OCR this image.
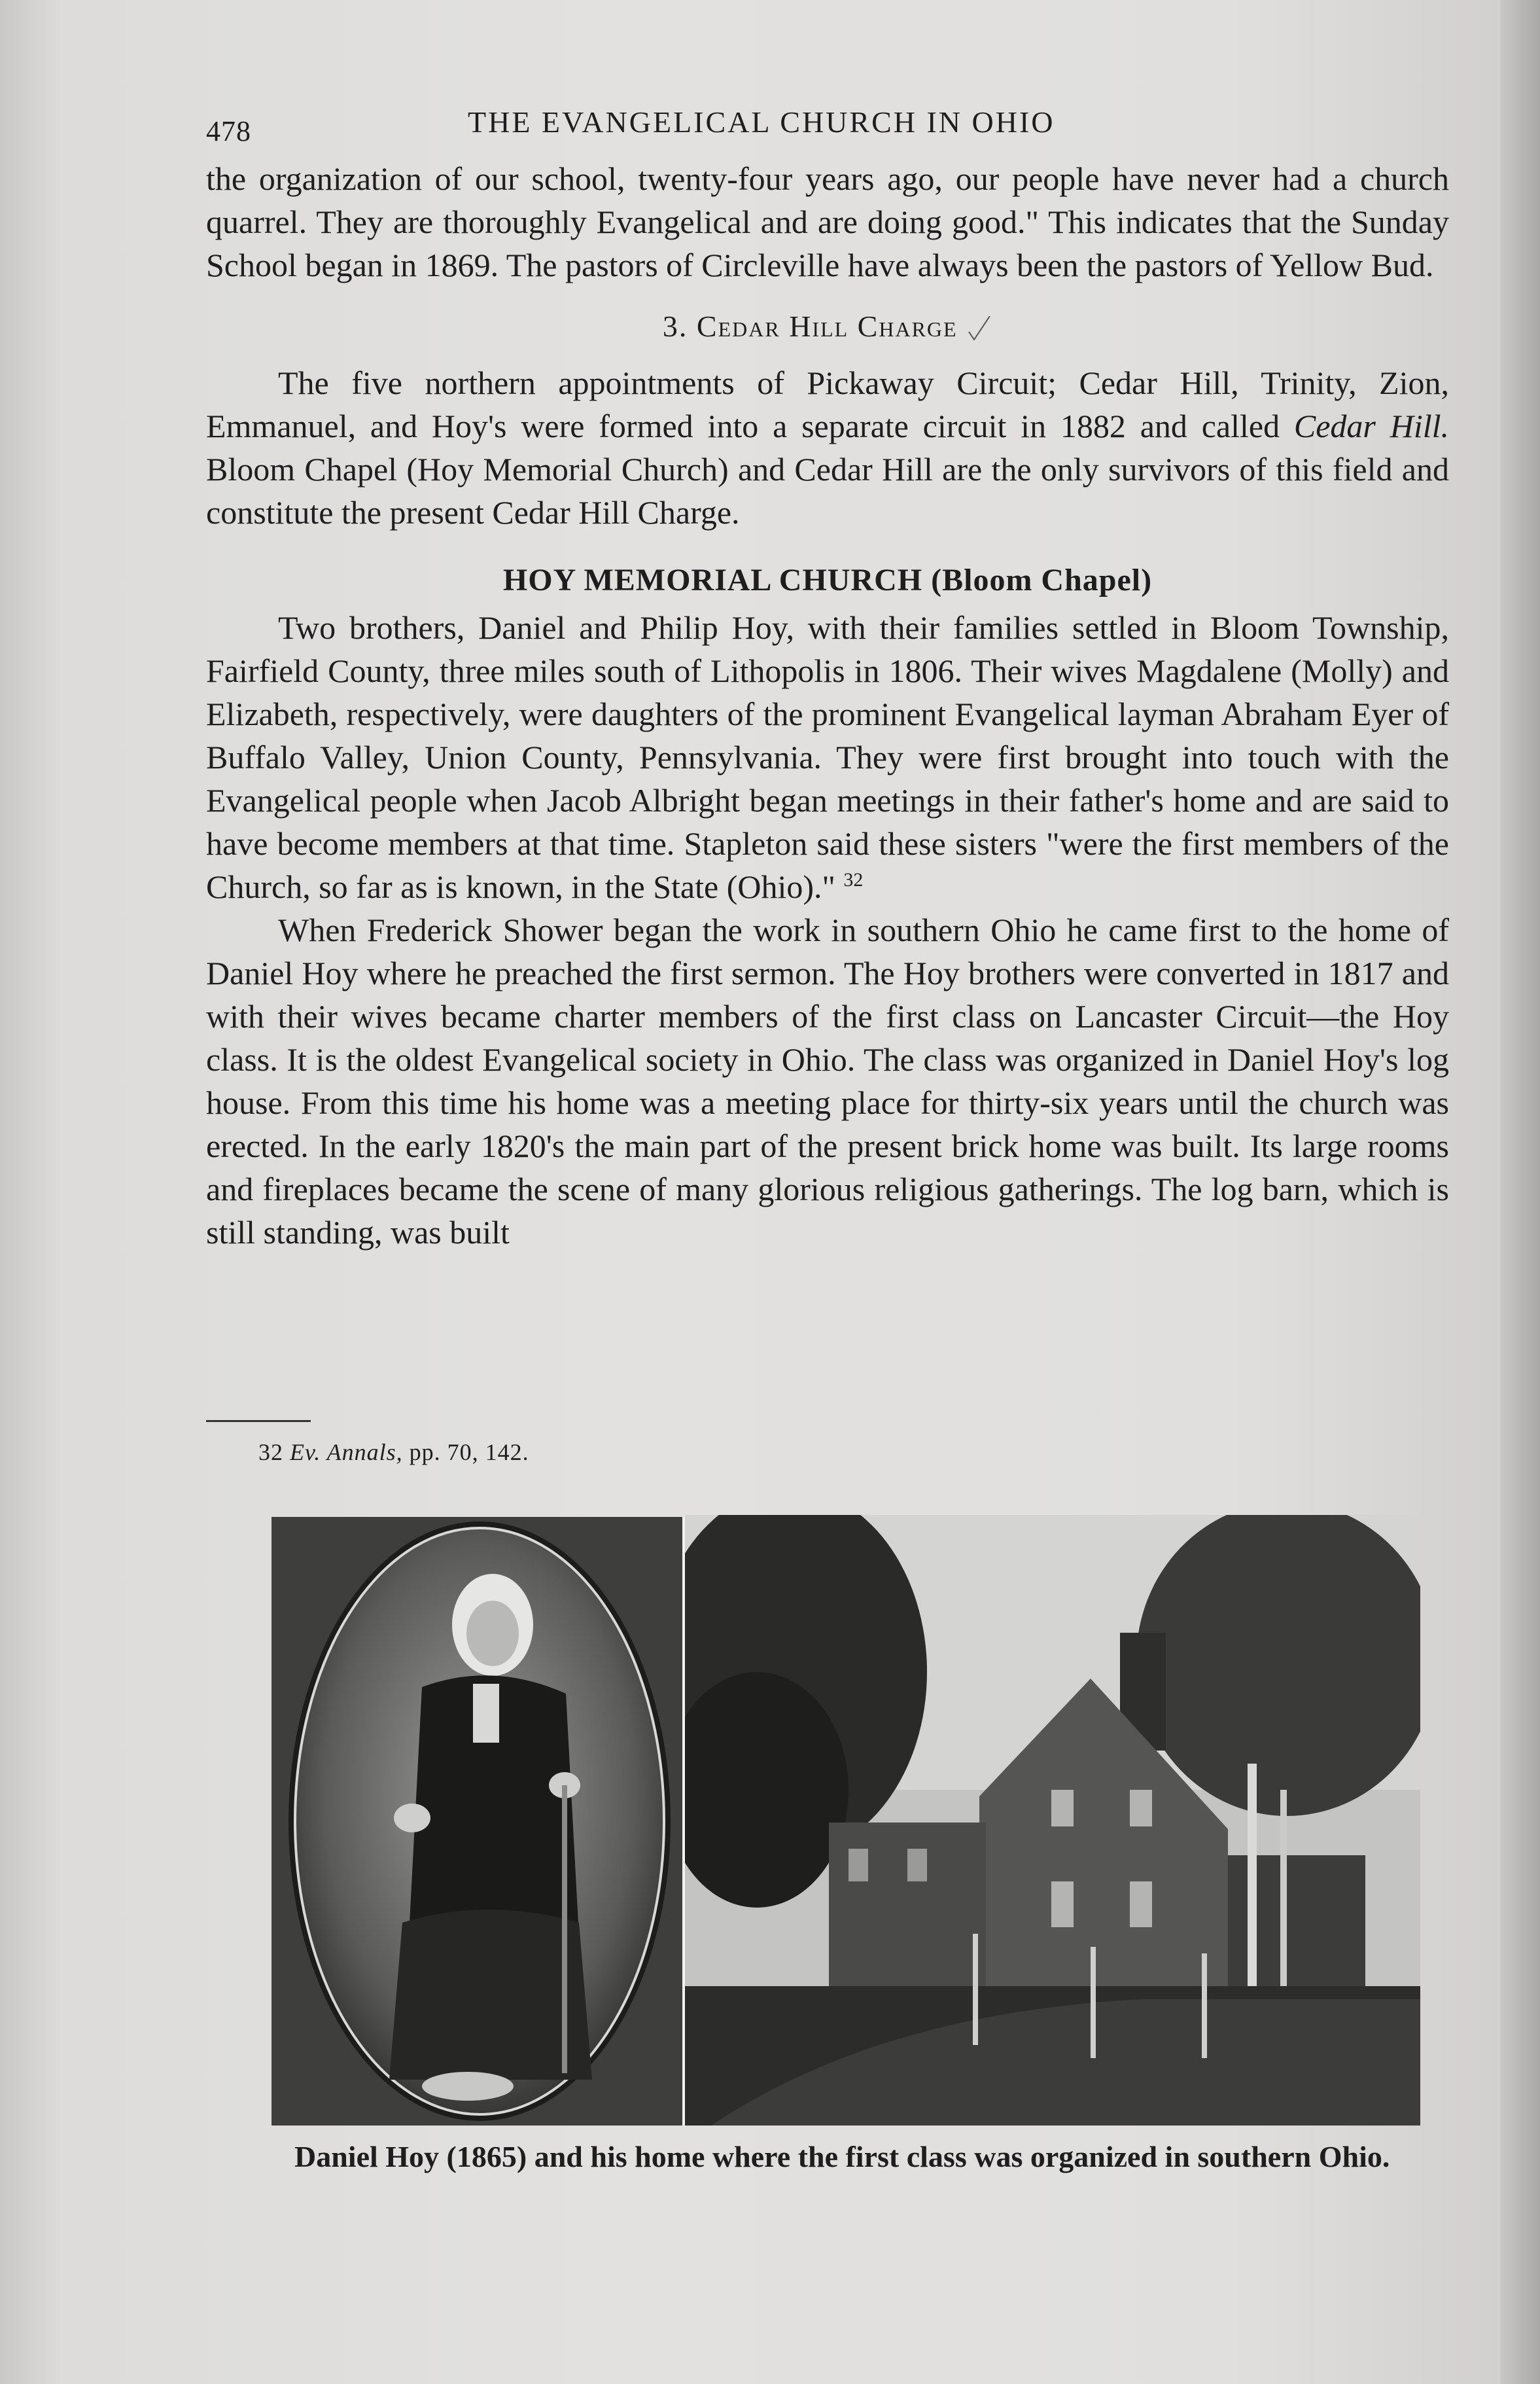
478	THE EVANGELICAL CHURCH IN OHIO

the organization of our school, twenty-four years ago, our people have never had a church quarrel. They are thoroughly Evangelical and are doing good." This indicates that the Sunday School began in 1869. The pastors of Circleville have always been the pastors of Yellow Bud.

3. Cedar Hill Charge

The five northern appointments of Pickaway Circuit; Cedar Hill, Trinity, Zion, Emmanuel, and Hoy's were formed into a separate circuit in 1882 and called Cedar Hill. Bloom Chapel (Hoy Memorial Church) and Cedar Hill are the only survivors of this field and constitute the present Cedar Hill Charge.

HOY MEMORIAL CHURCH (Bloom Chapel)

Two brothers, Daniel and Philip Hoy, with their families settled in Bloom Township, Fairfield County, three miles south of Lithopolis in 1806. Their wives Magdalene (Molly) and Elizabeth, respectively, were daughters of the prominent Evangelical layman Abraham Eyer of Buffalo Valley, Union County, Pennsylvania. They were first brought into touch with the Evangelical people when Jacob Albright began meetings in their father's home and are said to have become members at that time. Stapleton said these sisters "were the first members of the Church, so far as is known, in the State (Ohio)." $^{32}$

When Frederick Shower began the work in southern Ohio he came first to the home of Daniel Hoy where he preached the first sermon. The Hoy brothers were converted in 1817 and with their wives became charter members of the first class on Lancaster Circuit—the Hoy class. It is the oldest Evangelical society in Ohio. The class was organized in Daniel Hoy's log house. From this time his home was a meeting place for thirty-six years until the church was erected. In the early 1820's the main part of the present brick home was built. Its large rooms and fireplaces became the scene of many glorious religious gatherings. The log barn, which is still standing, was built

32 Ev. Annals, pp. 70, 142.
Daniel Hoy (1865) and his home where the first class was organized in southern Ohio.
